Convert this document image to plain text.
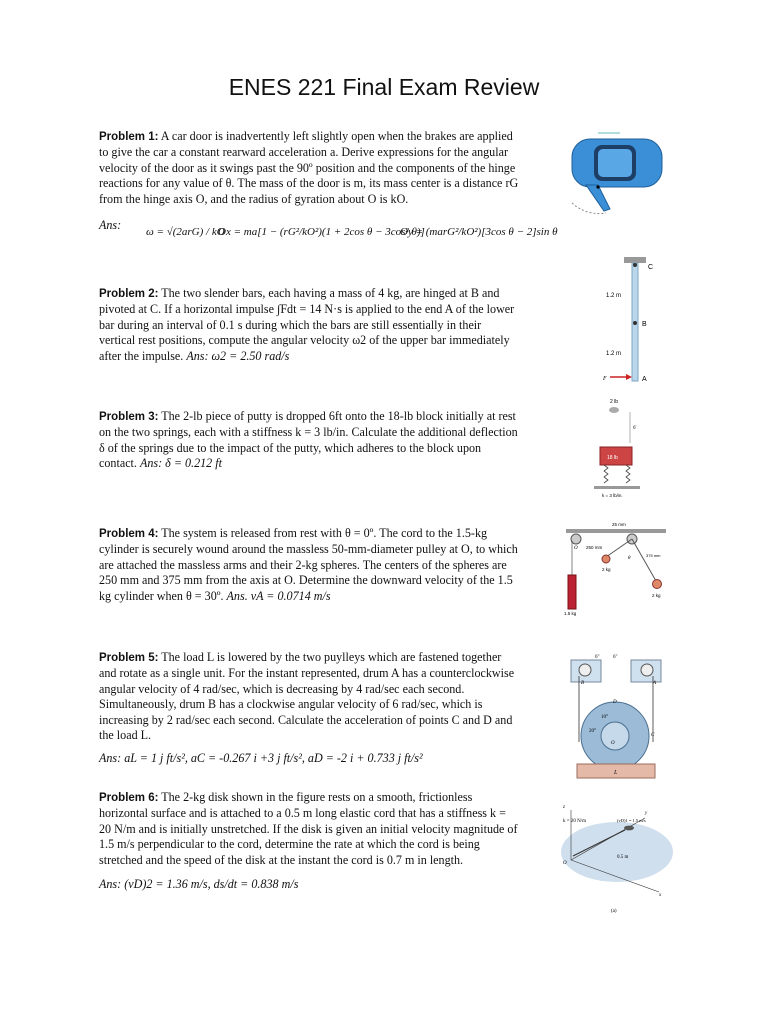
ENES 221 Final Exam Review
Problem 1: A car door is inadvertently left slightly open when the brakes are applied to give the car a constant rearward acceleration a. Derive expressions for the angular velocity of the door as it swings past the 90º position and the components of the hinge reactions for any value of θ. The mass of the door is m, its mass center is a distance rG from the hinge axis O, and the radius of gyration about O is kO.
Ans: ω = √(2arG) / kO
Ox = ma[1 − (rG²/kO²)(1 + 2cos θ − 3cos² θ)]
Oy = (marG²/kO²)[3cos θ − 2]sin θ
Problem 2: The two slender bars, each having a mass of 4 kg, are hinged at B and pivoted at C. If a horizontal impulse ∫Fdt = 14 N·s is applied to the end A of the lower bar during an interval of 0.1 s during which the bars are still essentially in their vertical rest positions, compute the angular velocity ω2 of the upper bar immediately after the impulse. Ans: ω2 = 2.50 rad/s
C
B
A
1.2 m
1.2 m
F
Problem 3: The 2-lb piece of putty is dropped 6ft onto the 18-lb block initially at rest on the two springs, each with a stiffness k = 3 lb/in. Calculate the additional deflection δ of the springs due to the impact of the putty, which adheres to the block upon contact. Ans: δ = 0.212 ft
2 lb
6'
18 lb
k = 3 lb/in.
Problem 4: The system is released from rest with θ = 0º. The cord to the 1.5-kg cylinder is securely wound around the massless 50-mm-diameter pulley at O, to which are attached the massless arms and their 2-kg spheres. The centers of the spheres are 250 mm and 375 mm from the axis at O. Determine the downward velocity of the 1.5 kg cylinder when θ = 30º. Ans. vA = 0.0714 m/s
25 mm
O
1.5 kg
250 mm
2 kg
2 kg
375 mm
θ
Problem 5: The load L is lowered by the two puylleys which are fastened together and rotate as a single unit. For the instant represented, drum A has a counterclockwise angular velocity of 4 rad/sec, which is decreasing by 4 rad/sec each second. Simultaneously, drum B has a clockwise angular velocity of 6 rad/sec, which is increasing by 2 rad/sec each second. Calculate the acceleration of points C and D and the load L.
Ans: aL = 1 j ft/s², aC = -0.267 i +3 j ft/s², aD = -2 i + 0.733 j ft/s²
6"	6"
B	A
D
C
O
10°
20°
L
Problem 6: The 2-kg disk shown in the figure rests on a smooth, frictionless horizontal surface and is attached to a 0.5 m long elastic cord that has a stiffness k = 20 N/m and is initially unstretched. If the disk is given an initial velocity magnitude of 1.5 m/s perpendicular to the cord, determine the rate at which the cord is being stretched and the speed of the disk at the instant the cord is 0.7 m in length.
Ans: (vD)2 = 1.36 m/s, ds/dt = 0.838 m/s
z
y
x
O
k = 20 N/m	(vD)1 = 1.5 m/s
0.5 m
(a)
